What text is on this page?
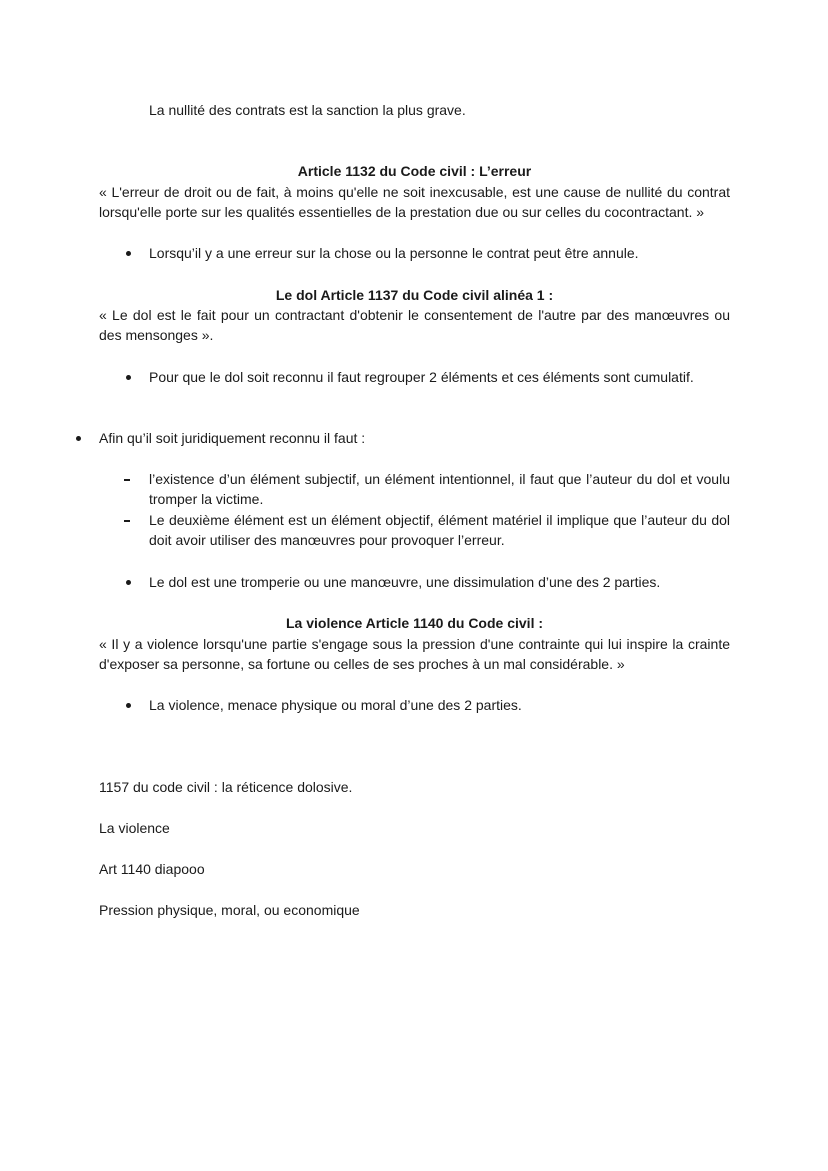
La nullité des contrats est la sanction la plus grave.
Article 1132 du Code civil : L’erreur
« L'erreur de droit ou de fait, à moins qu'elle ne soit inexcusable, est une cause de nullité du contrat lorsqu'elle porte sur les qualités essentielles de la prestation due ou sur celles du cocontractant. »
Lorsqu’il y a une erreur sur la chose ou la personne le contrat peut être annule.
Le dol Article 1137 du Code civil alinéa 1 :
« Le dol est le fait pour un contractant d'obtenir le consentement de l'autre par des manœuvres ou des mensonges ».
Pour que le dol soit reconnu il faut regrouper 2 éléments et ces éléments sont cumulatif.
Afin qu’il soit juridiquement reconnu il faut :
l’existence d’un élément subjectif, un élément intentionnel, il faut que l’auteur du dol et voulu tromper la victime.
Le deuxième élément est un élément objectif, élément matériel il implique que l’auteur du dol doit avoir utiliser des manœuvres pour provoquer l’erreur.
Le dol est une tromperie ou une manœuvre, une dissimulation d’une des 2 parties.
La violence Article 1140 du Code civil :
« Il y a violence lorsqu'une partie s'engage sous la pression d'une contrainte qui lui inspire la crainte d'exposer sa personne, sa fortune ou celles de ses proches à un mal considérable. »
La violence, menace physique ou moral d’une des 2 parties.
1157 du code civil : la réticence dolosive.
La violence
Art 1140 diapooo
Pression physique, moral, ou economique
